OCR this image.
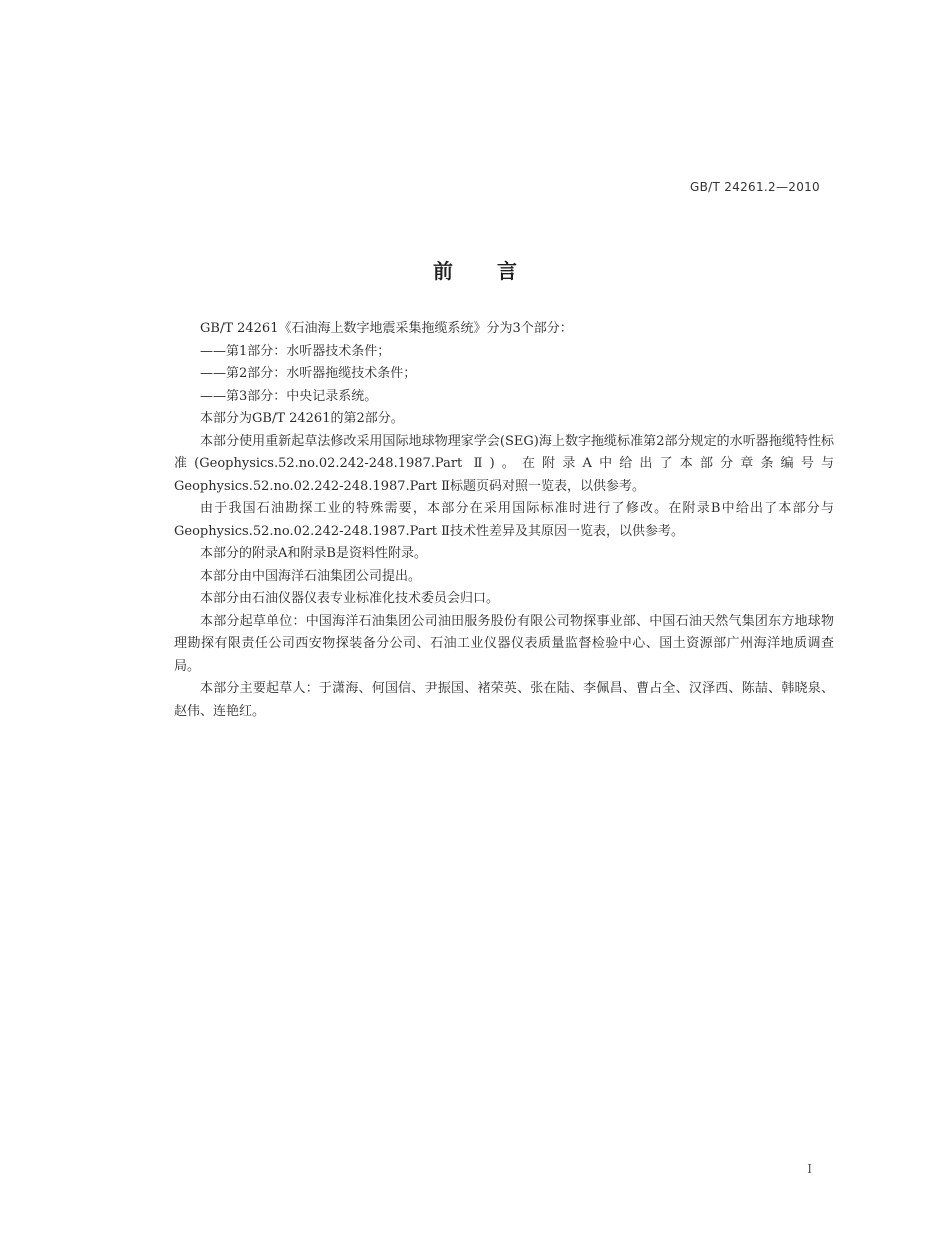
GB/T 24261.2—2010
前言

GB/T 24261《石油海上数字地震采集拖缆系统》分为3个部分：

——第1部分：水听器技术条件；

——第2部分：水听器拖缆技术条件；

——第3部分：中央记录系统。

本部分为GB/T 24261的第2部分。

本部分使用重新起草法修改采用国际地球物理家学会(SEG)海上数字拖缆标准第2部分规定的水听器拖缆特性标准(Geophysics.52.no.02.242-248.1987.Part Ⅱ)。在附录A中给出了本部分章条编号与Geophysics.52.no.02.242-248.1987.Part Ⅱ标题页码对照一览表，以供参考。

由于我国石油勘探工业的特殊需要，本部分在采用国际标准时进行了修改。在附录B中给出了本部分与Geophysics.52.no.02.242-248.1987.Part Ⅱ技术性差异及其原因一览表，以供参考。

本部分的附录A和附录B是资料性附录。

本部分由中国海洋石油集团公司提出。

本部分由石油仪器仪表专业标准化技术委员会归口。

本部分起草单位：中国海洋石油集团公司油田服务股份有限公司物探事业部、中国石油天然气集团东方地球物理勘探有限责任公司西安物探装备分公司、石油工业仪器仪表质量监督检验中心、国土资源部广州海洋地质调查局。

本部分主要起草人：于潇海、何国信、尹振国、褚荣英、张在陆、李佩昌、曹占全、汉泽西、陈喆、韩晓泉、赵伟、连艳红。

I
